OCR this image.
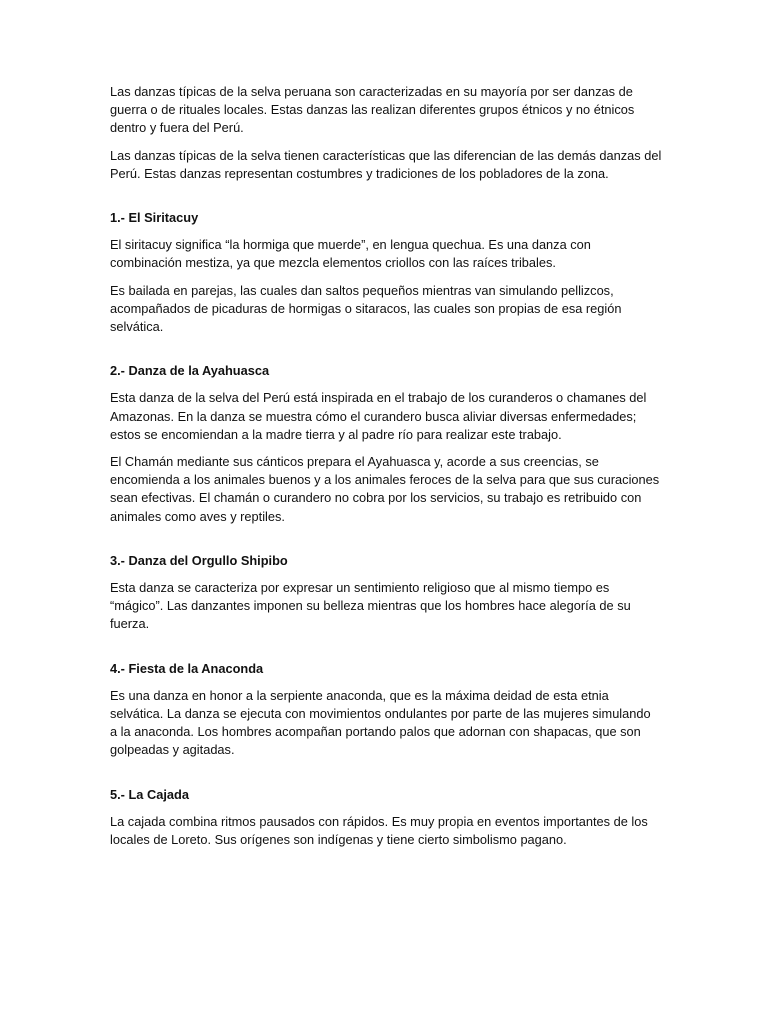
Las danzas típicas de la selva peruana son caracterizadas en su mayoría por ser danzas de
guerra o de rituales locales. Estas danzas las realizan diferentes grupos étnicos y no étnicos
dentro y fuera del Perú.

Las danzas típicas de la selva tienen características que las diferencian de las demás danzas del
Perú. Estas danzas representan costumbres y tradiciones de los pobladores de la zona.

1.- El Siritacuy

El siritacuy significa “la hormiga que muerde”, en lengua quechua. Es una danza con
combinación mestiza, ya que mezcla elementos criollos con las raíces tribales.

Es bailada en parejas, las cuales dan saltos pequeños mientras van simulando pellizcos,
acompañados de picaduras de hormigas o sitaracos, las cuales son propias de esa región
selvática.

2.- Danza de la Ayahuasca

Esta danza de la selva del Perú está inspirada en el trabajo de los curanderos o chamanes del
Amazonas. En la danza se muestra cómo el curandero busca aliviar diversas enfermedades;
estos se encomiendan a la madre tierra y al padre río para realizar este trabajo.

El Chamán mediante sus cánticos prepara el Ayahuasca y, acorde a sus creencias, se
encomienda a los animales buenos y a los animales feroces de la selva para que sus curaciones
sean efectivas. El chamán o curandero no cobra por los servicios, su trabajo es retribuido con
animales como aves y reptiles.

3.- Danza del Orgullo Shipibo

Esta danza se caracteriza por expresar un sentimiento religioso que al mismo tiempo es
“mágico”. Las danzantes imponen su belleza mientras que los hombres hace alegoría de su
fuerza.

4.- Fiesta de la Anaconda

Es una danza en honor a la serpiente anaconda, que es la máxima deidad de esta etnia
selvática. La danza se ejecuta con movimientos ondulantes por parte de las mujeres simulando
a la anaconda. Los hombres acompañan portando palos que adornan con shapacas, que son
golpeadas y agitadas.

5.- La Cajada

La cajada combina ritmos pausados con rápidos. Es muy propia en eventos importantes de los
locales de Loreto. Sus orígenes son indígenas y tiene cierto simbolismo pagano.
